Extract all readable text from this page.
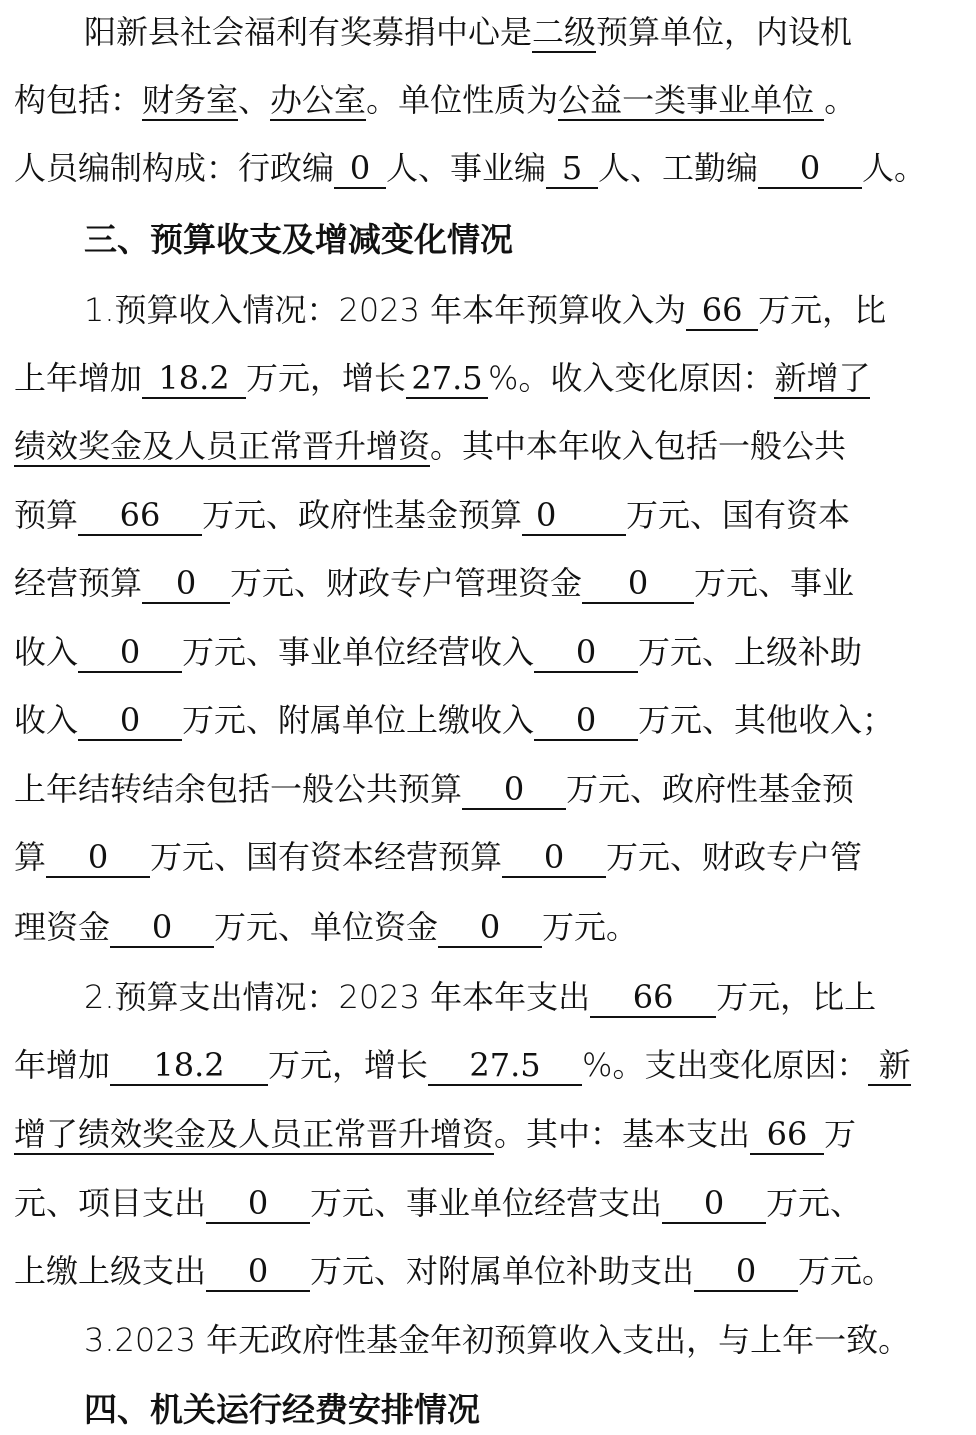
阳新县社会福利有奖募捐中心是二级预算单位，内设机
构包括：财务室、办公室。单位性质为公益一类事业单位 。
人员编制构成：行政编 0 人、事业编 5 人、工勤编 0 人。
三、预算收支及增减变化情况
1.预算收入情况：2023 年本年预算收入为 66 万元，比
上年增加 18.2 万元，增长 27.5 %。收入变化原因：新增了
绩效奖金及人员正常晋升增资。其中本年收入包括一般公共
预算 66 万元、政府性基金预算 0 万元、国有资本
经营预算 0 万元、财政专户管理资金 0 万元、事业
收入 0 万元、事业单位经营收入 0 万元、上级补助
收入 0 万元、附属单位上缴收入 0 万元、其他收入；
上年结转结余包括一般公共预算 0 万元、政府性基金预
算 0 万元、国有资本经营预算 0 万元、财政专户管
理资金 0 万元、单位资金 0 万元。
2.预算支出情况：2023 年本年支出 66 万元，比上
年增加 18.2 万元，增长 27.5 %。支出变化原因： 新
增了绩效奖金及人员正常晋升增资。其中：基本支出 66 万
元、项目支出 0 万元、事业单位经营支出 0 万元、
上缴上级支出 0 万元、对附属单位补助支出 0 万元。
3.2023 年无政府性基金年初预算收入支出，与上年一致。
四、机关运行经费安排情况
